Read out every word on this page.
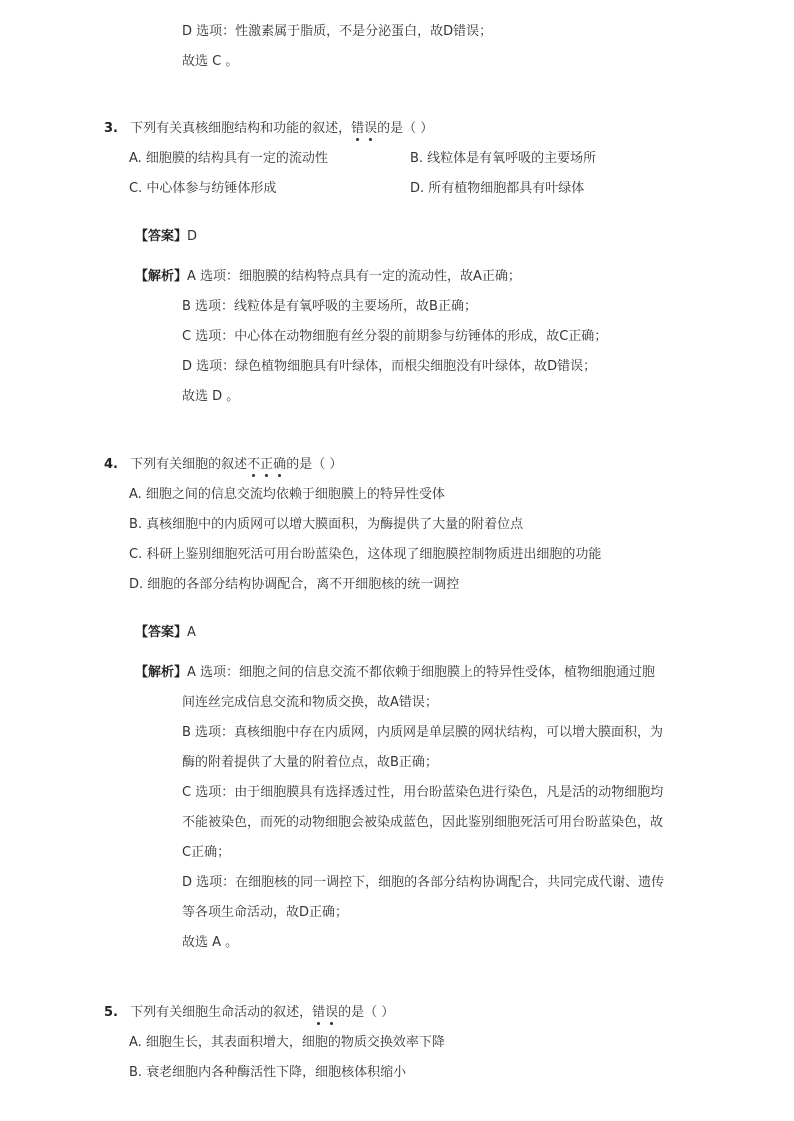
D 选项：性激素属于脂质，不是分泌蛋白，故D错误；
故选 C 。
3. 下列有关真核细胞结构和功能的叙述，错误的是（ ）
A. 细胞膜的结构具有一定的流动性	B. 线粒体是有氧呼吸的主要场所
C. 中心体参与纺锤体形成	D. 所有植物细胞都具有叶绿体
【答案】D
【解析】A 选项：细胞膜的结构特点具有一定的流动性，故A正确；
B 选项：线粒体是有氧呼吸的主要场所，故B正确；
C 选项：中心体在动物细胞有丝分裂的前期参与纺锤体的形成，故C正确；
D 选项：绿色植物细胞具有叶绿体，而根尖细胞没有叶绿体，故D错误；
故选 D 。
4. 下列有关细胞的叙述不正确的是（ ）
A. 细胞之间的信息交流均依赖于细胞膜上的特异性受体
B. 真核细胞中的内质网可以增大膜面积，为酶提供了大量的附着位点
C. 科研上鉴别细胞死活可用台盼蓝染色，这体现了细胞膜控制物质进出细胞的功能
D. 细胞的各部分结构协调配合，离不开细胞核的统一调控
【答案】A
【解析】A 选项：细胞之间的信息交流不都依赖于细胞膜上的特异性受体，植物细胞通过胞
间连丝完成信息交流和物质交换，故A错误；
B 选项：真核细胞中存在内质网，内质网是单层膜的网状结构，可以增大膜面积，为
酶的附着提供了大量的附着位点，故B正确；
C 选项：由于细胞膜具有选择透过性，用台盼蓝染色进行染色，凡是活的动物细胞均
不能被染色，而死的动物细胞会被染成蓝色，因此鉴别细胞死活可用台盼蓝染色，故
C正确；
D 选项：在细胞核的同一调控下，细胞的各部分结构协调配合，共同完成代谢、遗传
等各项生命活动，故D正确；
故选 A 。
5. 下列有关细胞生命活动的叙述，错误的是（ ）
A. 细胞生长，其表面积增大，细胞的物质交换效率下降
B. 衰老细胞内各种酶活性下降，细胞核体积缩小
